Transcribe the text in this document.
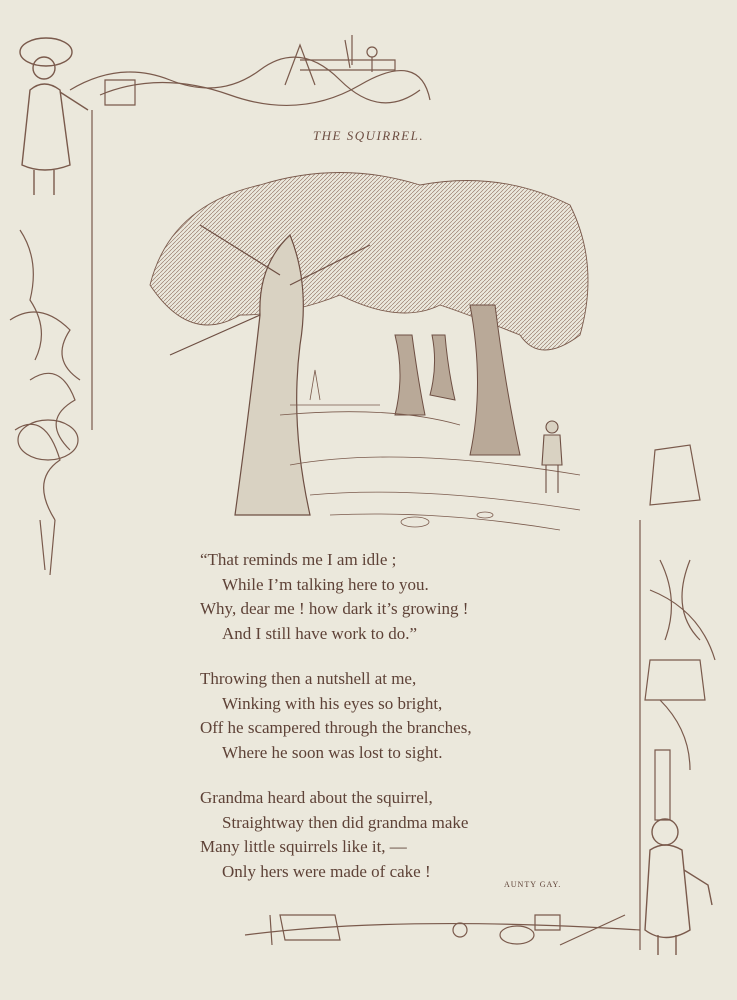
THE SQUIRREL.
“That reminds me I am idle ;
While I’m talking here to you.
Why, dear me ! how dark it’s growing !
And I still have work to do.”
Throwing then a nutshell at me,
Winking with his eyes so bright,
Off he scampered through the branches,
Where he soon was lost to sight.
Grandma heard about the squirrel,
Straightway then did grandma make
Many little squirrels like it, —
Only hers were made of cake !
AUNTY GAY.
